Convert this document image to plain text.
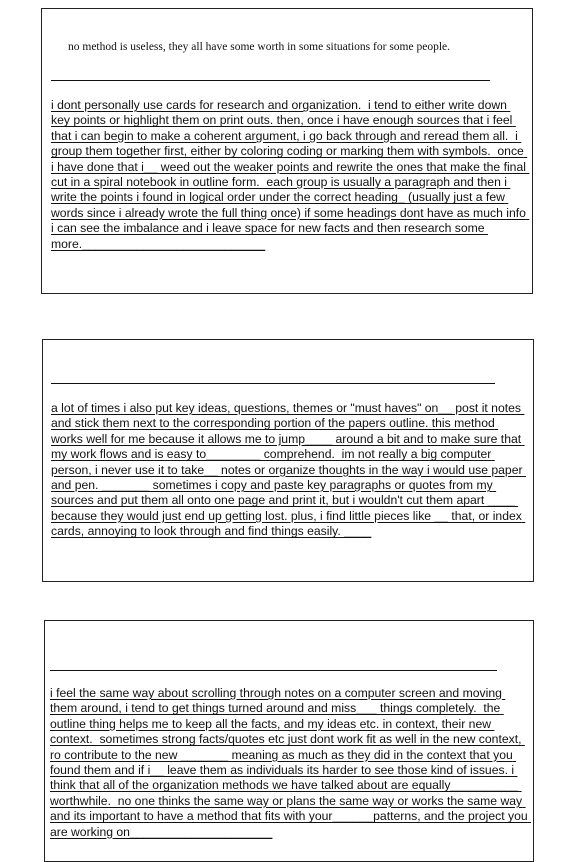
no method is useless, they all have some worth in some situations for some people.
i dont personally use cards for research and organization.  i tend to either write down key points or highlight them on print outs. then, once i have enough sources that i feel that i can begin to make a coherent argument, i go back through and reread them all.  i group them together first, either by coloring coding or marking them with symbols.  once i have done that i__ weed out the weaker points and rewrite the ones that make the final cut in a spiral notebook in outline form.  each group is usually a paragraph and then i write the points i found in logical order under the correct heading_ (usually just a few words since i already wrote the full thing once) if some headings dont have as much info i can see the imbalance and i leave space for new facts and then research some more.___________________________
a lot of times i also put key ideas, questions, themes or "must haves" on__ post it notes and stick them next to the corresponding portion of the papers outline. this method works well for me because it allows me to jump____ around a bit and to make sure that my work flows and is easy to________ comprehend.  im not really a big computer person, i never use it to take__ notes or organize thoughts in the way i would use paper and pen. _______ sometimes i copy and paste key paragraphs or quotes from my sources and put them all onto one page and print it, but i wouldn't cut them apart ____ because they would just end up getting lost. plus, i find little pieces like __ that, or index cards, annoying to look through and find things easily. ____
i feel the same way about scrolling through notes on a computer screen and moving them around, i tend to get things turned around and miss___ things completely.  the outline thing helps me to keep all the facts, and my ideas etc. in context, their new context.  sometimes strong facts/quotes etc just dont work fit as well in the new context, ro contribute to the new _______ meaning as much as they did in the context that you found them and if i__ leave them as individuals its harder to see those kind of issues. i think that all of the organization methods we have talked about are equally__________ worthwhile.  no one thinks the same way or plans the same way or works the same way and its important to have a method that fits with your______patterns, and the project you are working on_____________________
